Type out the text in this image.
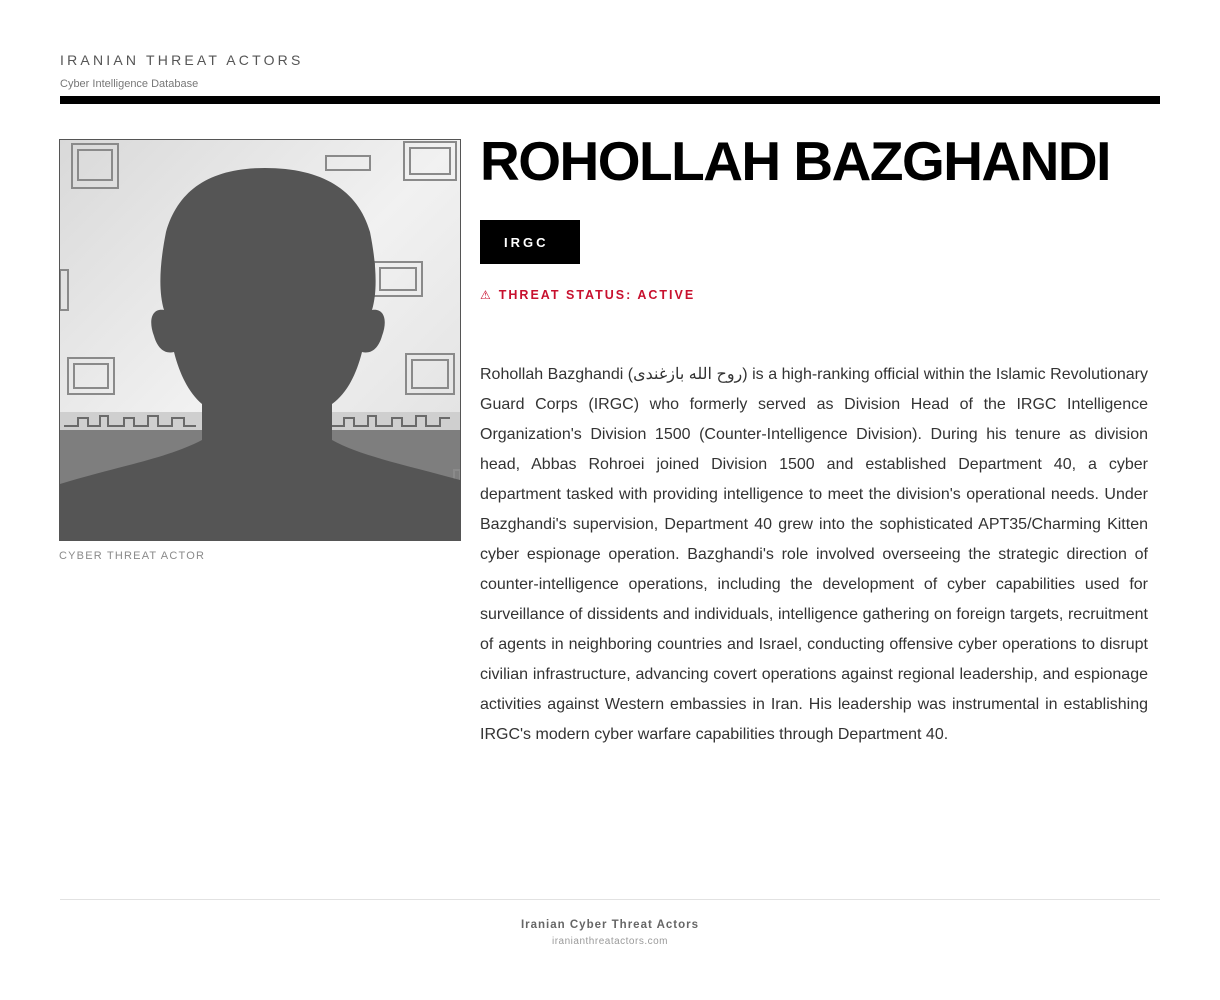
IRANIAN THREAT ACTORS
Cyber Intelligence Database
CYBER THREAT ACTOR
ROHOLLAH BAZGHANDI
IRGC
⚠ THREAT STATUS: ACTIVE

Rohollah Bazghandi (روح الله بازغندی) is a high-ranking official within the Islamic Revolutionary Guard Corps (IRGC) who formerly served as Division Head of the IRGC Intelligence Organization's Division 1500 (Counter-Intelligence Division). During his tenure as division head, Abbas Rohroei joined Division 1500 and established Department 40, a cyber department tasked with providing intelligence to meet the division's operational needs. Under Bazghandi's supervision, Department 40 grew into the sophisticated APT35/Charming Kitten cyber espionage operation. Bazghandi's role involved overseeing the strategic direction of counter-intelligence operations, including the development of cyber capabilities used for surveillance of dissidents and individuals, intelligence gathering on foreign targets, recruitment of agents in neighboring countries and Israel, conducting offensive cyber operations to disrupt civilian infrastructure, advancing covert operations against regional leadership, and espionage activities against Western embassies in Iran. His leadership was instrumental in establishing IRGC's modern cyber warfare capabilities through Department 40.

Iranian Cyber Threat Actors
iranianthreatactors.com
